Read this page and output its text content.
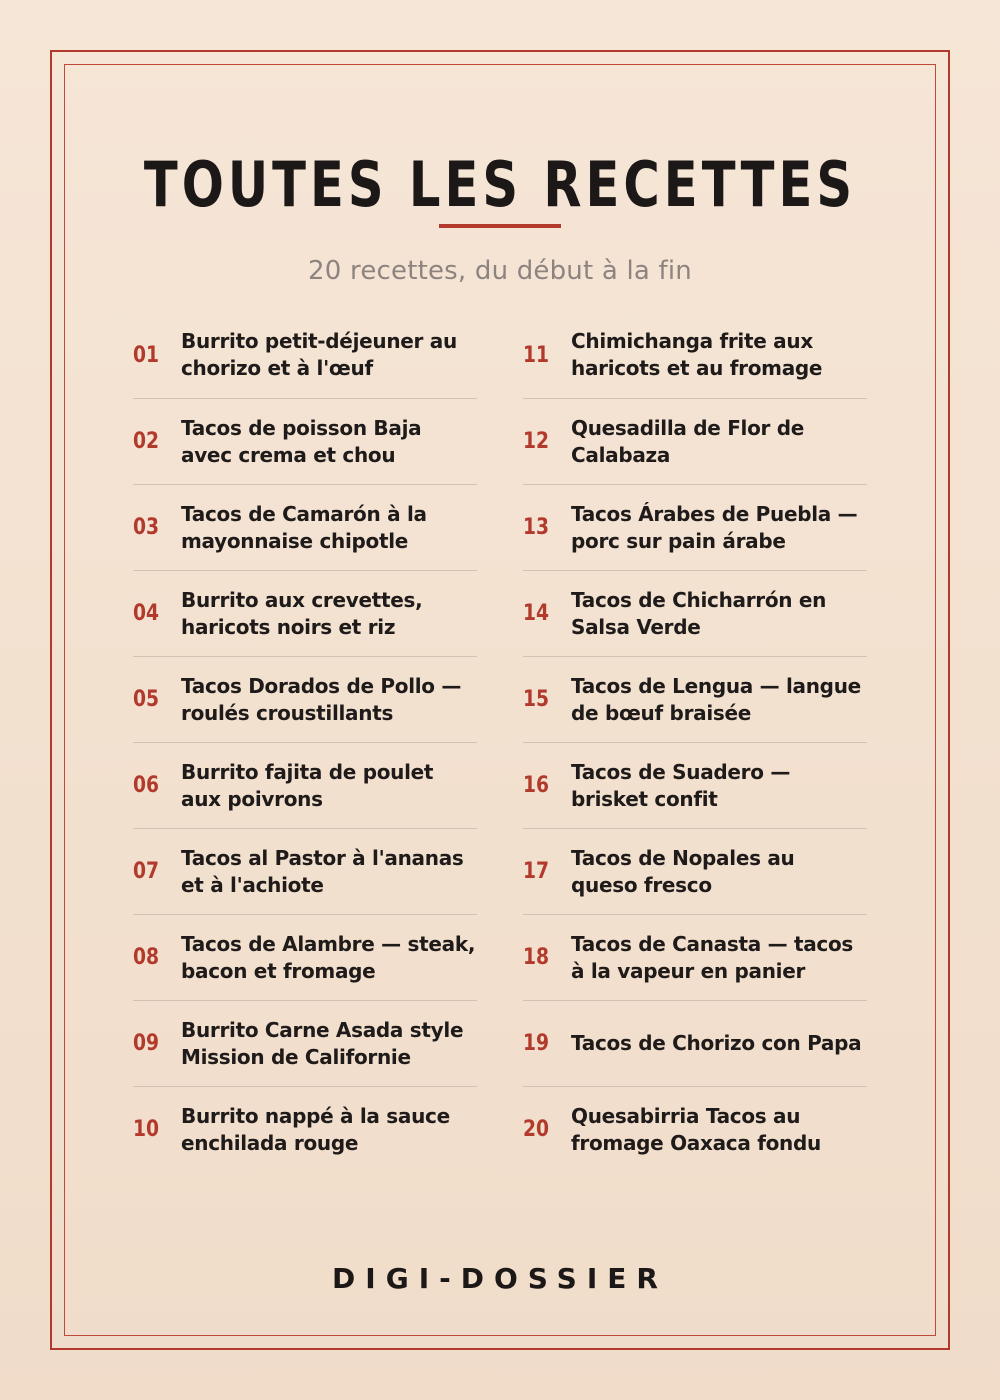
TOUTES LES RECETTES
20 recettes, du début à la fin
01
Burrito petit-déjeuner au chorizo et à l'œuf
02
Tacos de poisson Baja avec crema et chou
03
Tacos de Camarón à la mayonnaise chipotle
04
Burrito aux crevettes, haricots noirs et riz
05
Tacos Dorados de Pollo — roulés croustillants
06
Burrito fajita de poulet aux poivrons
07
Tacos al Pastor à l'ananas et à l'achiote
08
Tacos de Alambre — steak, bacon et fromage
09
Burrito Carne Asada style Mission de Californie
10
Burrito nappé à la sauce enchilada rouge
11
Chimichanga frite aux haricots et au fromage
12
Quesadilla de Flor de Calabaza
13
Tacos Árabes de Puebla — porc sur pain árabe
14
Tacos de Chicharrón en Salsa Verde
15
Tacos de Lengua — langue de bœuf braisée
16
Tacos de Suadero — brisket confit
17
Tacos de Nopales au queso fresco
18
Tacos de Canasta — tacos à la vapeur en panier
19	Tacos de Chorizo con Papa
20
Quesabirria Tacos au fromage Oaxaca fondu
DIGI-DOSSIER
